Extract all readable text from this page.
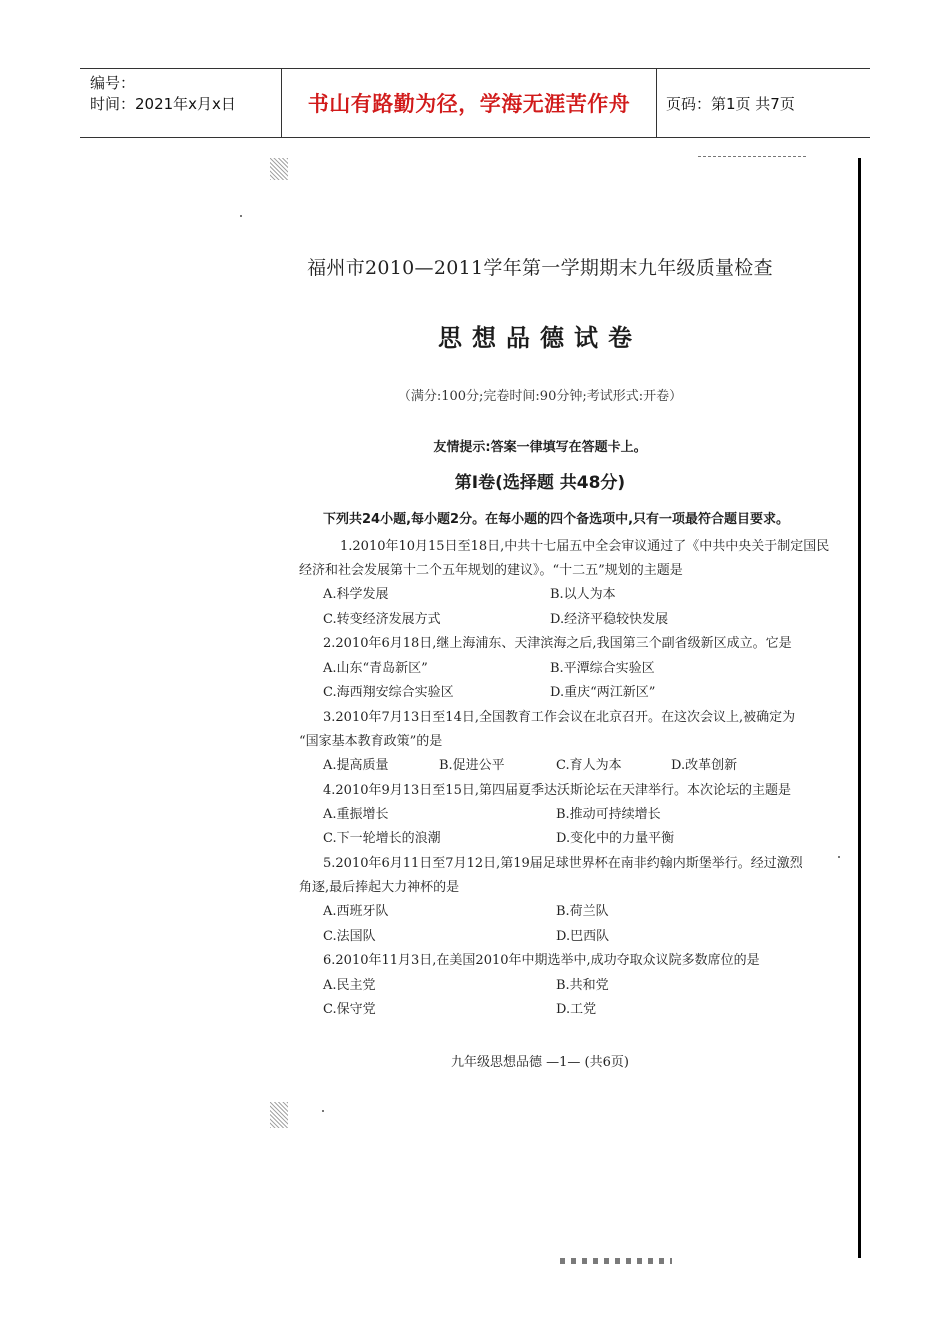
编号：
时间：2021年x月x日	书山有路勤为径，学海无涯苦作舟	页码：第1页 共7页
福州市2010—2011学年第一学期期末九年级质量检查
思想品德试卷
（满分:100分;完卷时间:90分钟;考试形式:开卷）
友情提示:答案一律填写在答题卡上。
第Ⅰ卷(选择题 共48分)
下列共24小题,每小题2分。在每小题的四个备选项中,只有一项最符合题目要求。
1.2010年10月15日至18日,中共十七届五中全会审议通过了《中共中央关于制定国民
经济和社会发展第十二个五年规划的建议》。“十二五”规划的主题是
A.科学发展	B.以人为本
C.转变经济发展方式	D.经济平稳较快发展
2.2010年6月18日,继上海浦东、天津滨海之后,我国第三个副省级新区成立。它是
A.山东“青岛新区”	B.平潭综合实验区
C.海西翔安综合实验区	D.重庆“两江新区”
3.2010年7月13日至14日,全国教育工作会议在北京召开。在这次会议上,被确定为
“国家基本教育政策”的是
A.提高质量	B.促进公平	C.育人为本	D.改革创新
4.2010年9月13日至15日,第四届夏季达沃斯论坛在天津举行。本次论坛的主题是
A.重振增长	B.推动可持续增长
C.下一轮增长的浪潮	D.变化中的力量平衡
5.2010年6月11日至7月12日,第19届足球世界杯在南非约翰内斯堡举行。经过激烈
角逐,最后捧起大力神杯的是
A.西班牙队	B.荷兰队
C.法国队	D.巴西队
6.2010年11月3日,在美国2010年中期选举中,成功夺取众议院多数席位的是
A.民主党	B.共和党
C.保守党	D.工党
九年级思想品德 —1— (共6页)
